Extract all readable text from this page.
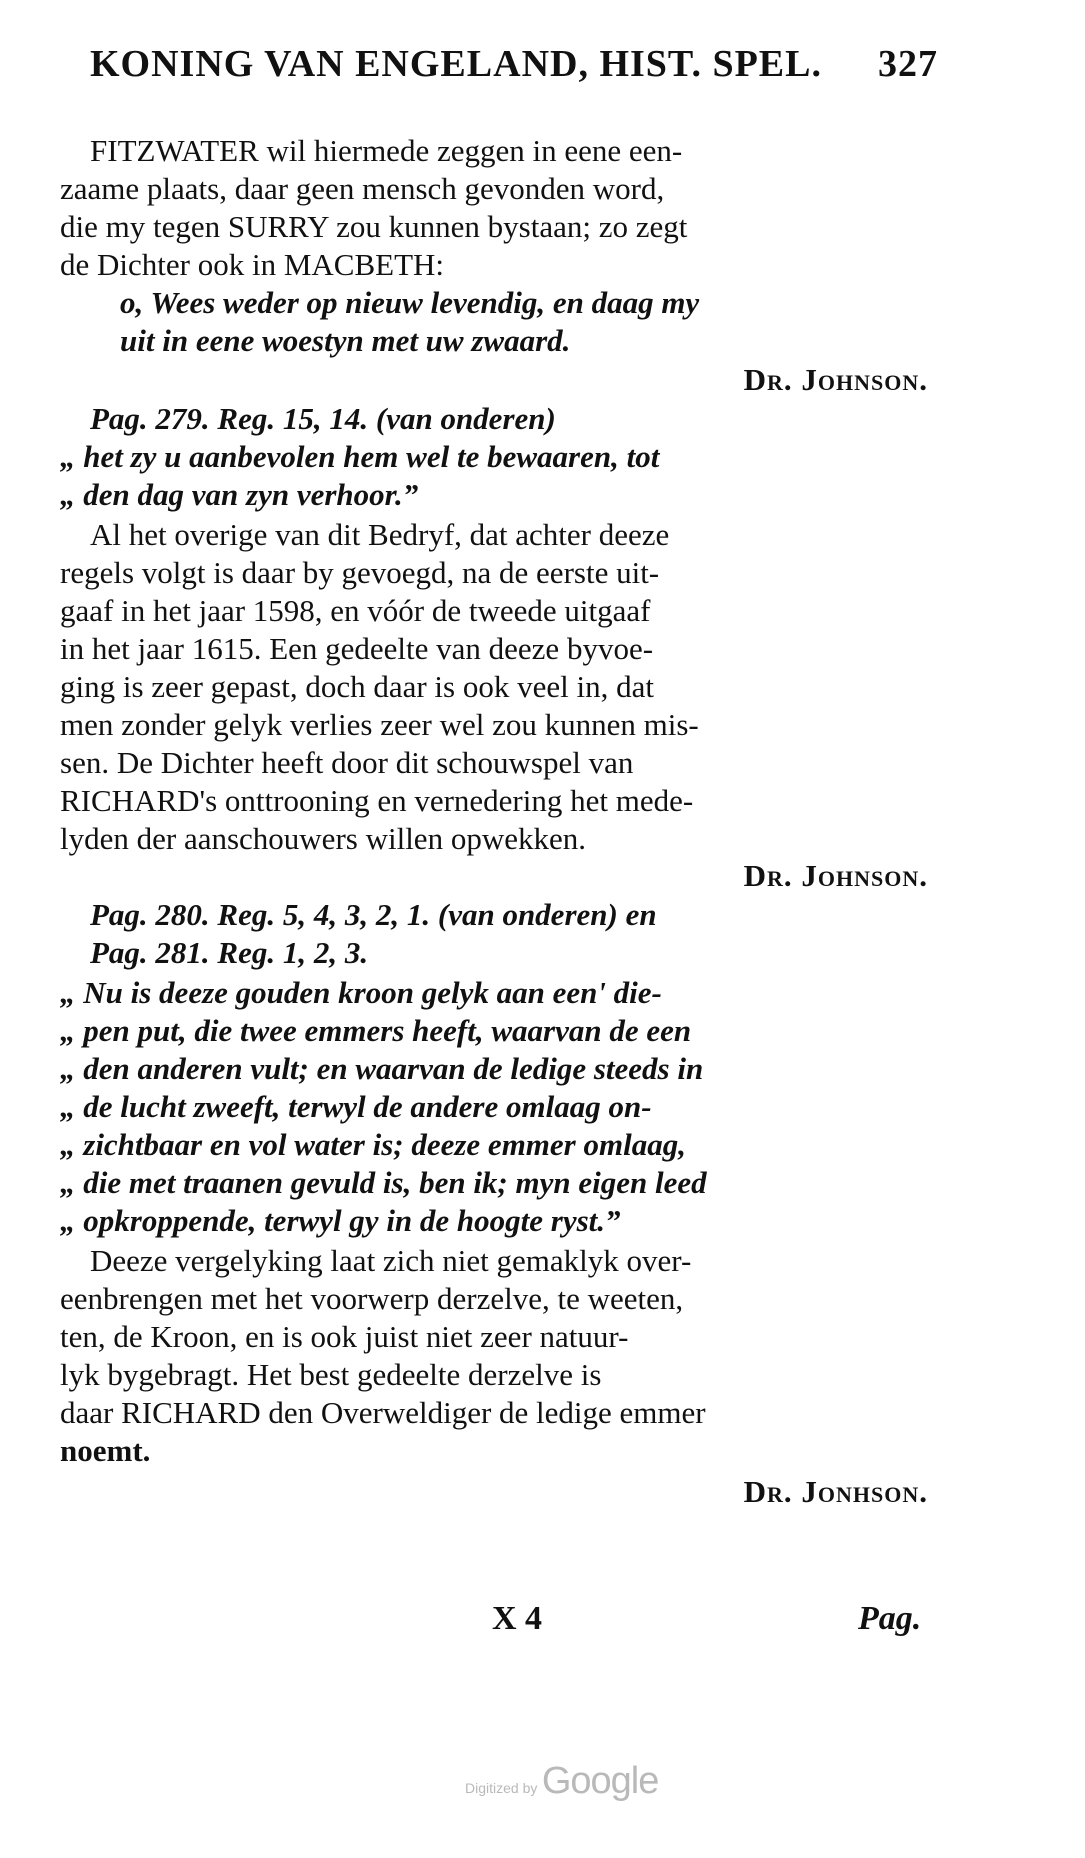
KONING VAN ENGELAND, HIST. SPEL. 327
FITZWATER wil hiermede zeggen in eene een-
zaame plaats, daar geen mensch gevonden word,
die my tegen SURRY zou kunnen bystaan; zo zegt
de Dichter ook in MACBETH:
o, Wees weder op nieuw levendig, en daag my
uit in eene woestyn met uw zwaard.
Dr. Johnson.
Pag. 279. Reg. 15, 14. (van onderen)
„ het zy u aanbevolen hem wel te bewaaren, tot
„ den dag van zyn verhoor.”
Al het overige van dit Bedryf, dat achter deeze
regels volgt is daar by gevoegd, na de eerste uit-
gaaf in het jaar 1598, en vóór de tweede uitgaaf
in het jaar 1615. Een gedeelte van deeze byvoe-
ging is zeer gepast, doch daar is ook veel in, dat
men zonder gelyk verlies zeer wel zou kunnen mis-
sen. De Dichter heeft door dit schouwspel van
RICHARD's onttrooning en vernedering het mede-
lyden der aanschouwers willen opwekken.
Dr. Johnson.
Pag. 280. Reg. 5, 4, 3, 2, 1. (van onderen) en
Pag. 281. Reg. 1, 2, 3.
„ Nu is deeze gouden kroon gelyk aan een' die-
„ pen put, die twee emmers heeft, waarvan de een
„ den anderen vult; en waarvan de ledige steeds in
„ de lucht zweeft, terwyl de andere omlaag on-
„ zichtbaar en vol water is; deeze emmer omlaag,
„ die met traanen gevuld is, ben ik; myn eigen leed
„ opkroppende, terwyl gy in de hoogte ryst.”
Deeze vergelyking laat zich niet gemaklyk over-
eenbrengen met het voorwerp derzelve, te weeten,
ten, de Kroon, en is ook juist niet zeer natuur-
lyk bygebragt. Het best gedeelte derzelve is
daar RICHARD den Overweldiger de ledige emmer
noemt.
Dr. Jonhson.
X 4	Pag.
Digitized by Google
